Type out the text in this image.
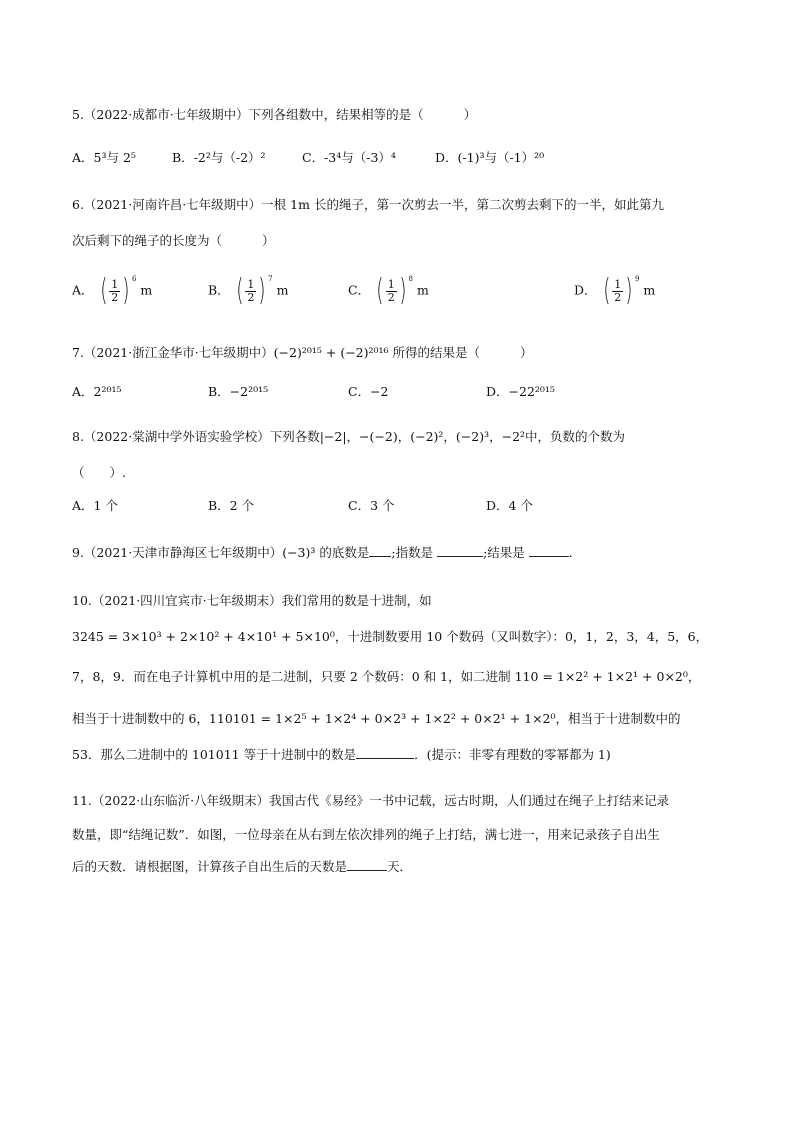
5.（2022·成都市·七年级期中）下列各组数中，结果相等的是（	）
A．5³与 2⁵	B．-2²与（-2）²	C．-3⁴与（-3）⁴	D．(-1)³与（-1）²⁰
6.（2021·河南许昌·七年级期中）一根 1m 长的绳子，第一次剪去一半，第二次剪去剩下的一半，如此第九
次后剩下的绳子的长度为（	）
A． ( $\frac{1}{2}$ ) 6
m	B． ( $\frac{1}{2}$ ) 7
m	C． ( $\frac{1}{2}$ ) 8
m	D． ( $\frac{1}{2}$ ) 9
m
7.（2021·浙江金华市·七年级期中）(−2)²⁰¹⁵ + (−2)²⁰¹⁶ 所得的结果是（	）
A．2²⁰¹⁵	B．−2²⁰¹⁵	C．−2	D．−22²⁰¹⁵
8.（2022·棠湖中学外语实验学校）下列各数|−2|，−(−2)，(−2)²，(−2)³，−2²中，负数的个数为
（　　）.
A．1 个	B．2 个	C．3 个	D．4 个
9.（2021·天津市静海区七年级期中）(−3)³ 的底数是 ;指数是	;结果是	.
10.（2021·四川宜宾市·七年级期末）我们常用的数是十进制，如
3245 = 3×10³ + 2×10² + 4×10¹ + 5×10⁰，十进制数要用 10 个数码（又叫数字）：0，1，2，3，4，5，6，
7，8，9．而在电子计算机中用的是二进制，只要 2 个数码：0 和 1，如二进制 110 = 1×2² + 1×2¹ + 0×2⁰，
相当于十进制数中的 6，110101 = 1×2⁵ + 1×2⁴ + 0×2³ + 1×2² + 0×2¹ + 1×2⁰，相当于十进制数中的
53．那么二进制中的 101011 等于十进制中的数是	．(提示：非零有理数的零幂都为 1)
11.（2022·山东临沂·八年级期末）我国古代《易经》一书中记载，远古时期，人们通过在绳子上打结来记录
数量，即“结绳记数”．如图，一位母亲在从右到左依次排列的绳子上打结，满七进一，用来记录孩子自出生
后的天数．请根据图，计算孩子自出生后的天数是	天．
